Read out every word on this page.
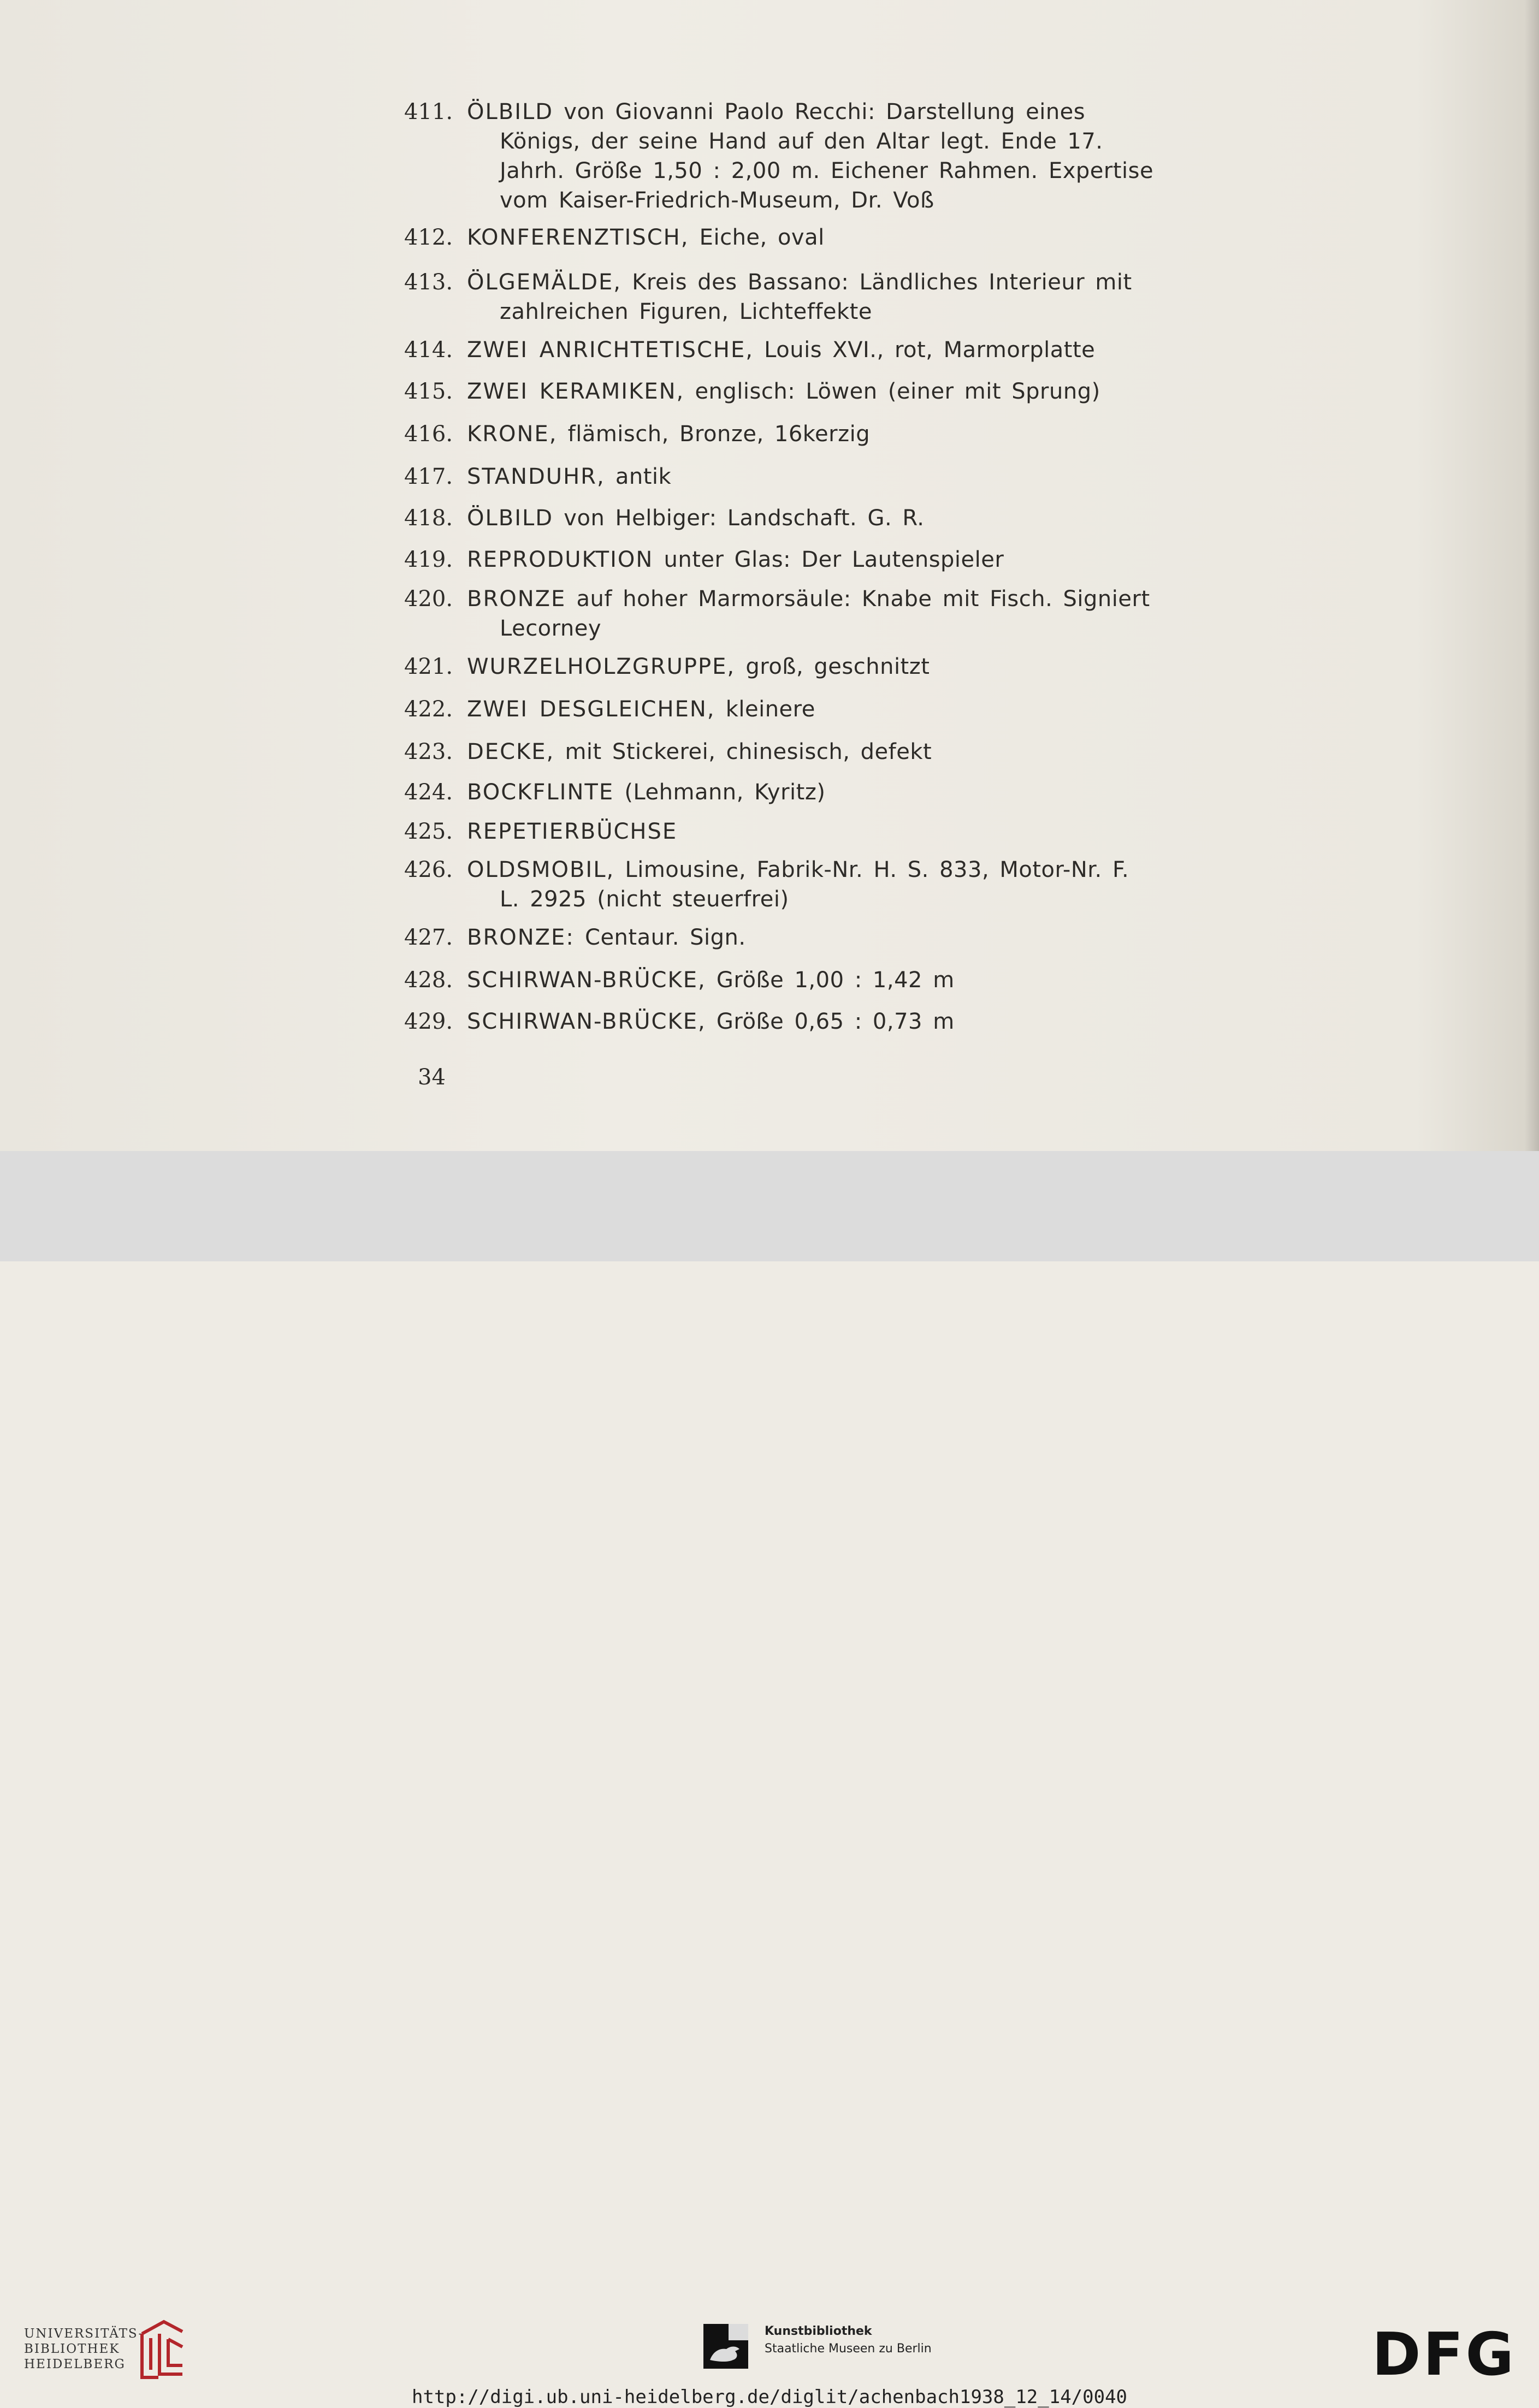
411. ÖLBILD von Giovanni Paolo Recchi: Darstellung eines Königs, der seine Hand auf den Altar legt. Ende 17. Jahrh. Größe 1,50 : 2,00 m. Eichener Rahmen. Expertise vom Kaiser-Friedrich-Museum, Dr. Voß
412. KONFERENZTISCH, Eiche, oval
413. ÖLGEMÄLDE, Kreis des Bassano: Ländliches Interieur mit zahlreichen Figuren, Lichteffekte
414. ZWEI ANRICHTETISCHE, Louis XVI., rot, Marmorplatte
415. ZWEI KERAMIKEN, englisch: Löwen (einer mit Sprung)
416. KRONE, flämisch, Bronze, 16kerzig
417. STANDUHR, antik
418. ÖLBILD von Helbiger: Landschaft. G. R.
419. REPRODUKTION unter Glas: Der Lautenspieler
420. BRONZE auf hoher Marmorsäule: Knabe mit Fisch. Signiert Lecorney
421. WURZELHOLZGRUPPE, groß, geschnitzt
422. ZWEI DESGLEICHEN, kleinere
423. DECKE, mit Stickerei, chinesisch, defekt
424. BOCKFLINTE (Lehmann, Kyritz)
425. REPETIERBÜCHSE
426. OLDSMOBIL, Limousine, Fabrik-Nr. H. S. 833, Motor-Nr. F. L. 2925 (nicht steuerfrei)
427. BRONZE: Centaur. Sign.
428. SCHIRWAN-BRÜCKE, Größe 1,00 : 1,42 m
429. SCHIRWAN-BRÜCKE, Größe 0,65 : 0,73 m
34
UNIVERSITÄTS-
BIBLIOTHEK
HEIDELBERG
Kunstbibliothek
Staatliche Museen zu Berlin	DFG
http://digi.ub.uni-heidelberg.de/diglit/achenbach1938_12_14/0040
